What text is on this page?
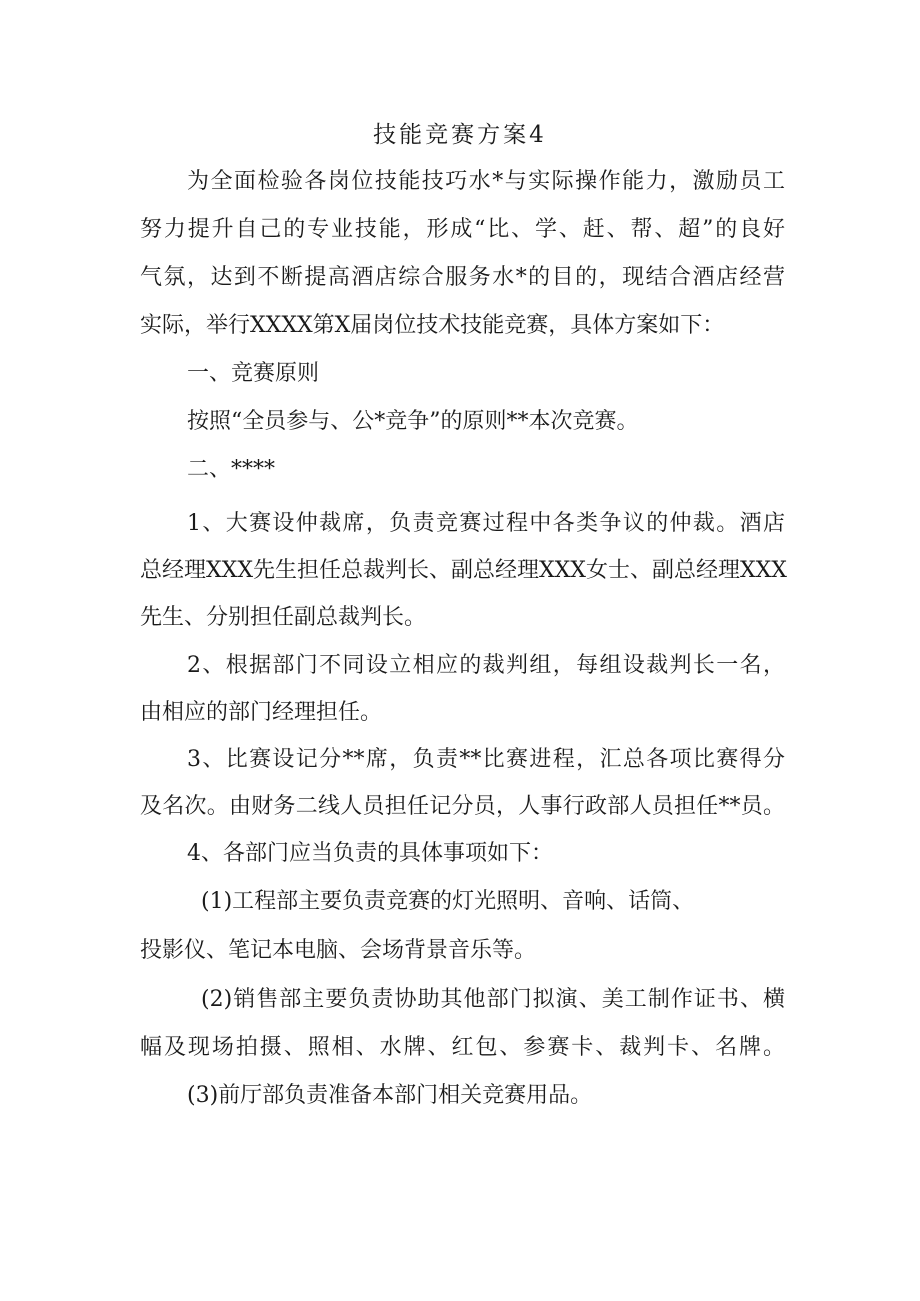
技能竞赛方案4
为全面检验各岗位技能技巧水*与实际操作能力，激励员工
努力提升自己的专业技能，形成“比、学、赶、帮、超”的良好
气氛，达到不断提高酒店综合服务水*的目的，现结合酒店经营
实际，举行XXXX第X届岗位技术技能竞赛，具体方案如下：
一、竞赛原则
按照“全员参与、公*竞争”的原则**本次竞赛。
二、****
1、大赛设仲裁席，负责竞赛过程中各类争议的仲裁。酒店
总经理XXX先生担任总裁判长、副总经理XXX女士、副总经理XXX
先生、分别担任副总裁判长。
2、根据部门不同设立相应的裁判组，每组设裁判长一名，
由相应的部门经理担任。
3、比赛设记分**席，负责**比赛进程，汇总各项比赛得分
及名次。由财务二线人员担任记分员，人事行政部人员担任**员。
4、各部门应当负责的具体事项如下：
(1)工程部主要负责竞赛的灯光照明、音响、话筒、
投影仪、笔记本电脑、会场背景音乐等。
(2)销售部主要负责协助其他部门拟演、美工制作证书、横
幅及现场拍摄、照相、水牌、红包、参赛卡、裁判卡、名牌。
(3)前厅部负责准备本部门相关竞赛用品。
